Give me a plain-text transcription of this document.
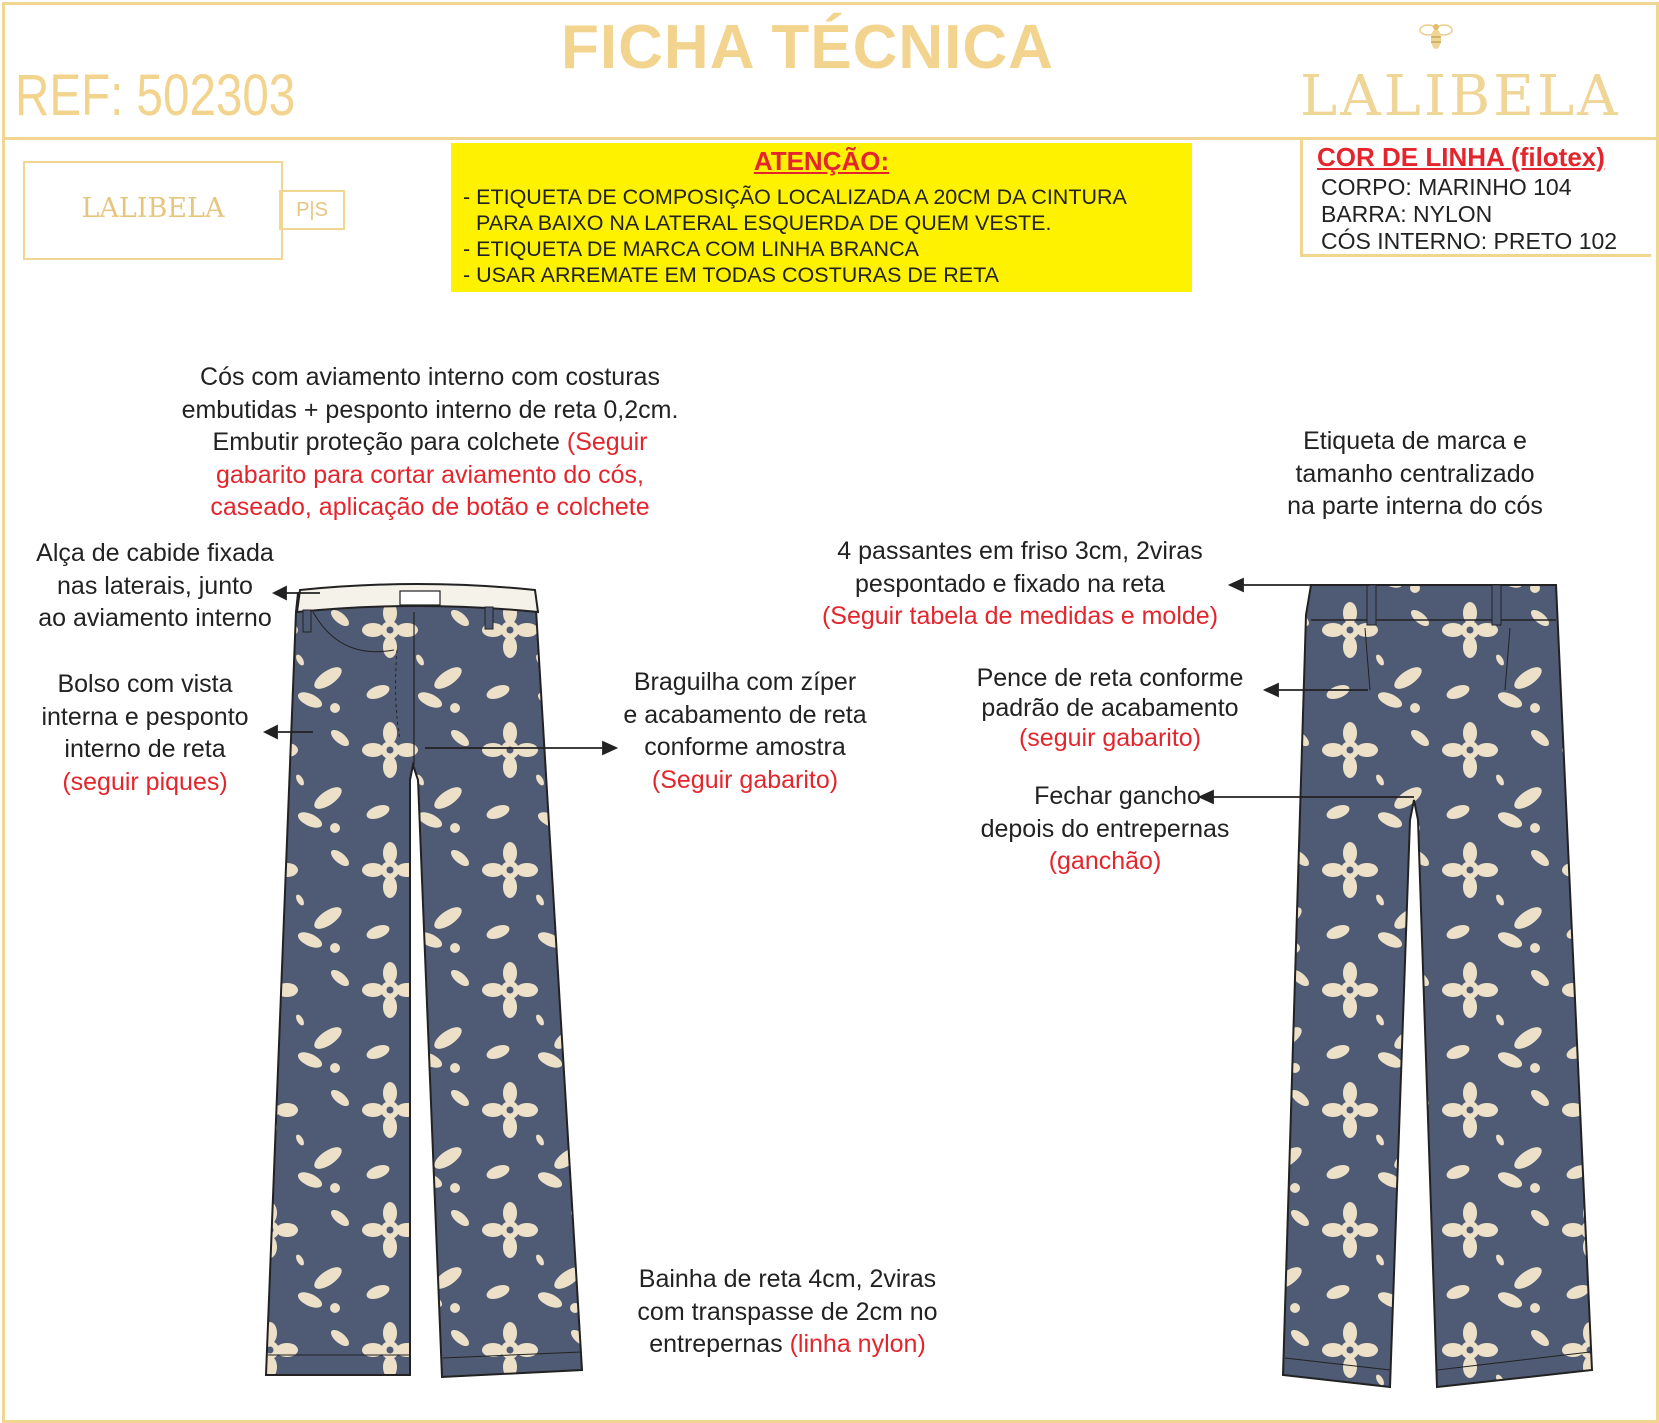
FICHA TÉCNICA
REF: 502303	LALIBELA
LALIBELA	P|S
ATENÇÃO:
- ETIQUETA DE COMPOSIÇÃO LOCALIZADA A 20CM DA CINTURA
PARA BAIXO NA LATERAL ESQUERDA DE QUEM VESTE.
- ETIQUETA DE MARCA COM LINHA BRANCA
- USAR ARREMATE EM TODAS COSTURAS DE RETA
COR DE LINHA (filotex)
CORPO: MARINHO 104
BARRA: NYLON
CÓS INTERNO: PRETO 102
Cós com aviamento interno com costuras
embutidas + pesponto interno de reta 0,2cm.
Embutir proteção para colchete (Seguir
gabarito para cortar aviamento do cós,
caseado, aplicação de botão e colchete
Alça de cabide fixada
nas laterais, junto
ao aviamento interno
Bolso com vista
interna e pesponto
interno de reta
(seguir piques)
Braguilha com zíper
e acabamento de reta
conforme amostra
(Seguir gabarito)
Bainha de reta 4cm, 2viras
com transpasse de 2cm no
entrepernas (linha nylon)
Etiqueta de marca e
tamanho centralizado
na parte interna do cós
4 passantes em friso 3cm, 2viras
pespontado e fixado na reta
(Seguir tabela de medidas e molde)
Pence de reta conforme
padrão de acabamento
(seguir gabarito)
Fechar gancho
depois do entrepernas
(ganchão)
